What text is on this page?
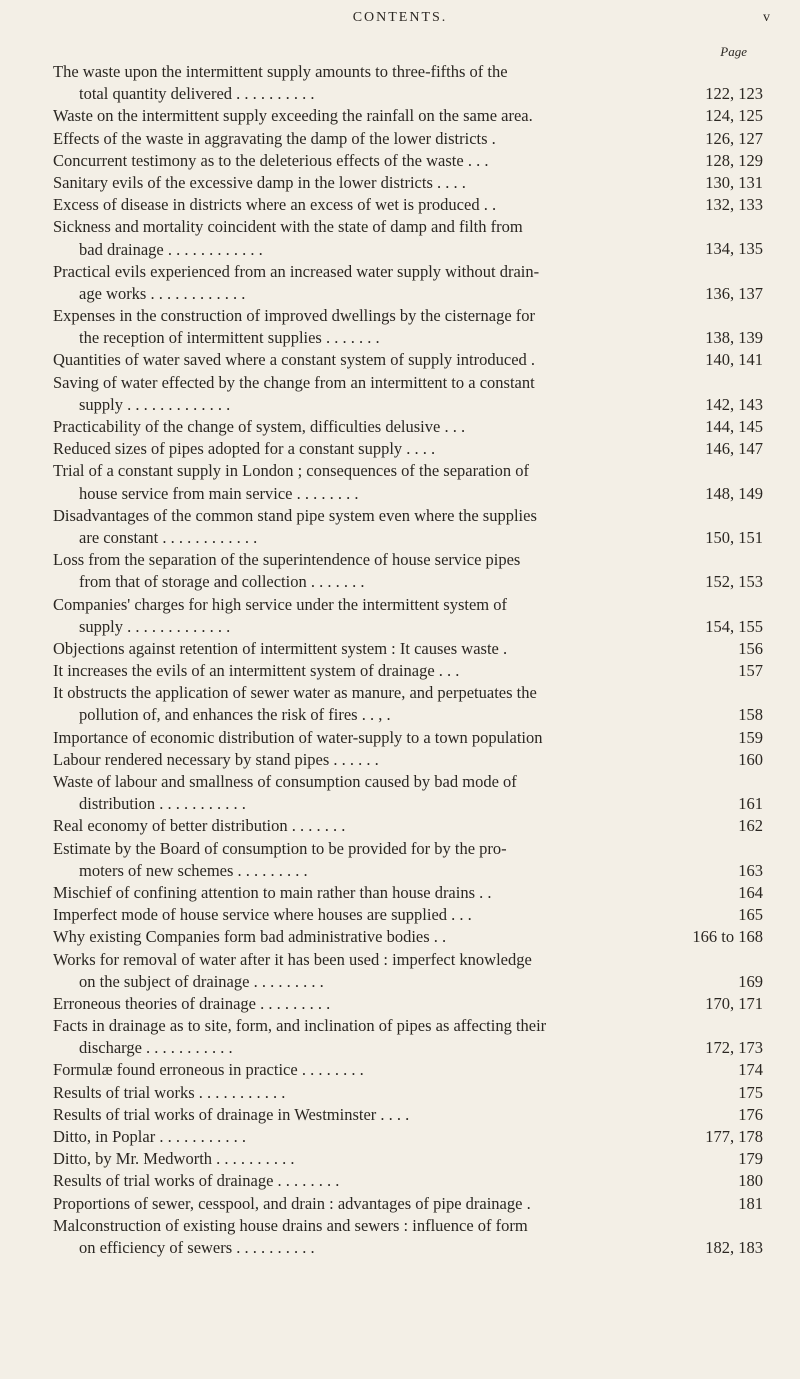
CONTENTS.	v
Page
The waste upon the intermittent supply amounts to three-fifths of the
total quantity delivered . . . . . . . . . .	122, 123
Waste on the intermittent supply exceeding the rainfall on the same area.	124, 125
Effects of the waste in aggravating the damp of the lower districts .	126, 127
Concurrent testimony as to the deleterious effects of the waste . . .	128, 129
Sanitary evils of the excessive damp in the lower districts . . . .	130, 131
Excess of disease in districts where an excess of wet is produced . .	132, 133
Sickness and mortality coincident with the state of damp and filth from
bad drainage . . . . . . . . . . . .	134, 135
Practical evils experienced from an increased water supply without drain-
age works . . . . . . . . . . . .	136, 137
Expenses in the construction of improved dwellings by the cisternage for
the reception of intermittent supplies . . . . . . .	138, 139
Quantities of water saved where a constant system of supply introduced .	140, 141
Saving of water effected by the change from an intermittent to a constant
supply . . . . . . . . . . . . .	142, 143
Practicability of the change of system, difficulties delusive . . .	144, 145
Reduced sizes of pipes adopted for a constant supply . . . .	146, 147
Trial of a constant supply in London ; consequences of the separation of
house service from main service . . . . . . . .	148, 149
Disadvantages of the common stand pipe system even where the supplies
are constant . . . . . . . . . . . .	150, 151
Loss from the separation of the superintendence of house service pipes
from that of storage and collection . . . . . . .	152, 153
Companies' charges for high service under the intermittent system of
supply . . . . . . . . . . . . .	154, 155
Objections against retention of intermittent system : It causes waste .	156
It increases the evils of an intermittent system of drainage . . .	157
It obstructs the application of sewer water as manure, and perpetuates the
pollution of, and enhances the risk of fires . . , .	158
Importance of economic distribution of water-supply to a town population	159
Labour rendered necessary by stand pipes . . . . . .	160
Waste of labour and smallness of consumption caused by bad mode of
distribution . . . . . . . . . . .	161
Real economy of better distribution . . . . . . .	162
Estimate by the Board of consumption to be provided for by the pro-
moters of new schemes . . . . . . . . .	163
Mischief of confining attention to main rather than house drains . .	164
Imperfect mode of house service where houses are supplied . . .	165
Why existing Companies form bad administrative bodies . .	166 to 168
Works for removal of water after it has been used : imperfect knowledge
on the subject of drainage . . . . . . . . .	169
Erroneous theories of drainage . . . . . . . . .	170, 171
Facts in drainage as to site, form, and inclination of pipes as affecting their
discharge . . . . . . . . . . .	172, 173
Formulæ found erroneous in practice . . . . . . . .	174
Results of trial works . . . . . . . . . . .	175
Results of trial works of drainage in Westminster . . . .	176
Ditto, in Poplar . . . . . . . . . . .	177, 178
Ditto, by Mr. Medworth . . . . . . . . . .	179
Results of trial works of drainage . . . . . . . .	180
Proportions of sewer, cesspool, and drain : advantages of pipe drainage .	181
Malconstruction of existing house drains and sewers : influence of form
on efficiency of sewers . . . . . . . . . .	182, 183
